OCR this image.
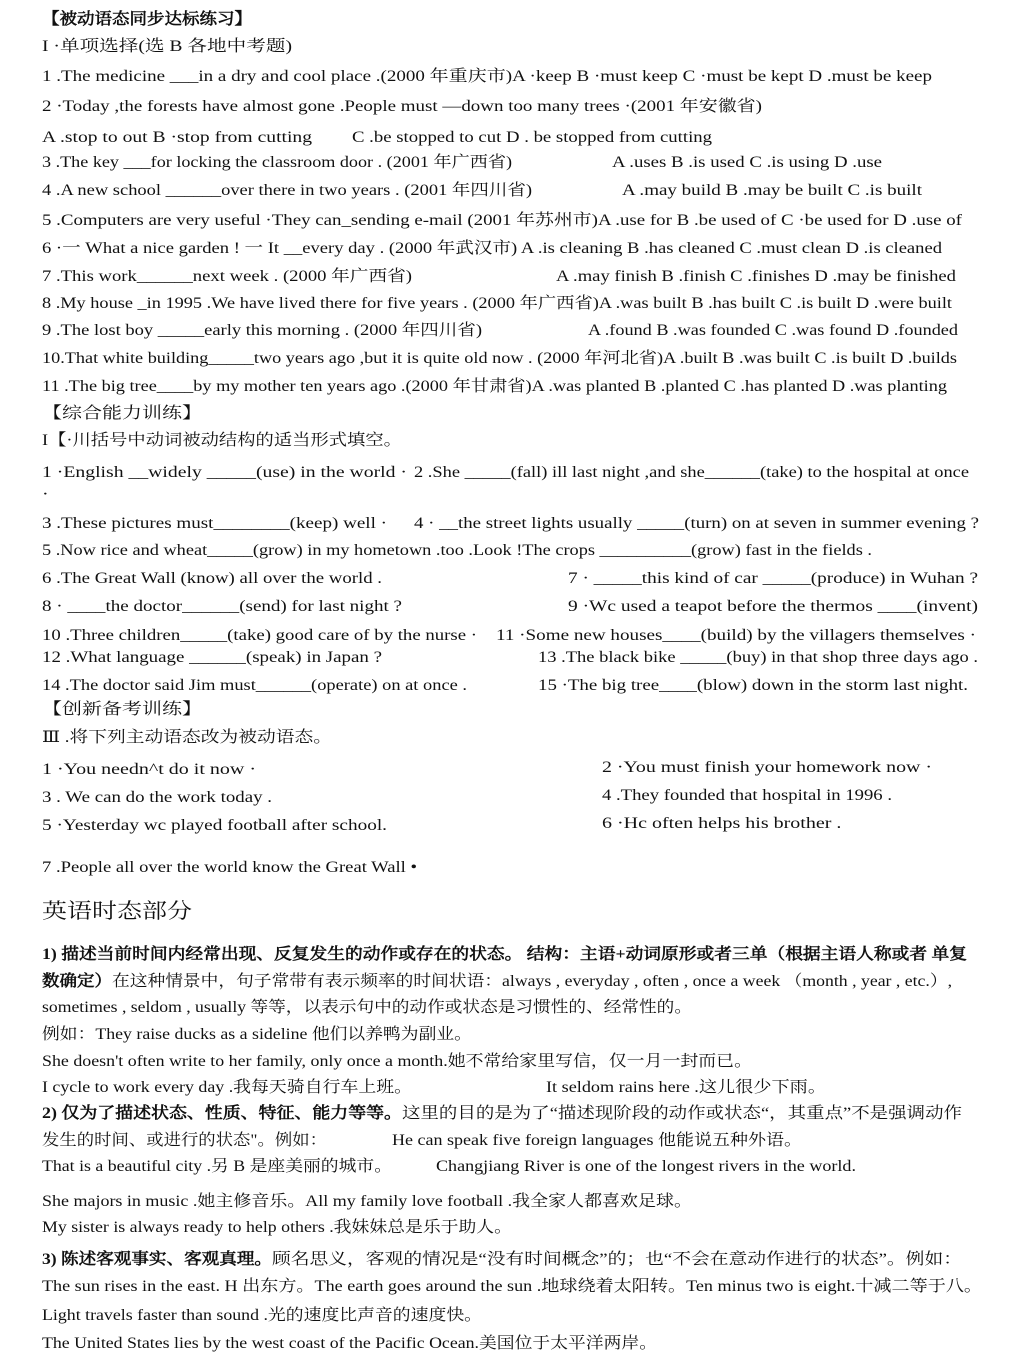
【被动语态同步达标练习】
I ·单项选择(选 B 各地中考题)
1 .The medicine ___in a dry and cool place .(2000 年重庆市)A ·keep B ·must keep C ·must be kept D .must be keep
2 ·Today ,the forests have almost gone .People must —down too many trees ·(2001 年安徽省)
A .stop to out B ·stop from cutting C .be stopped to cut D . be stopped from cutting
3 .The key ___for locking the classroom door . (2001 年广西省)	A .uses B .is used C .is using D .use
4 .A new school ______over there in two years . (2001 年四川省)	A .may build B .may be built C .is built
5 .Computers are very useful ·They can_sending e-mail (2001 年苏州市)A .use for B .be used of C ·be used for D .use of
6 ·一 What a nice garden ! 一 It __every day . (2000 年武汉市) A .is cleaning B .has cleaned C .must clean D .is cleaned
7 .This work______next week . (2000 年广西省)	A .may finish B .finish C .finishes D .may be finished
8 .My house _in 1995 .We have lived there for five years . (2000 年广西省)A .was built B .has built C .is built D .were built
9 .The lost boy _____early this morning . (2000 年四川省)	A .found B .was founded C .was found D .founded
10.That white building_____two years ago ,but it is quite old now . (2000 年河北省)A .built B .was built C .is built D .builds
11 .The big tree____by my mother ten years ago .(2000 年甘肃省)A .was planted B .planted C .has planted D .was planting
【综合能力训练】
I【·川括号中动词被动结构的适当形式填空。
1 ·English __widely _____(use) in the world · 2 .She _____(fall) ill last night ,and she______(take) to the hospital at once
·
3 .These pictures must________(keep) well · 4 · __the street lights usually _____(turn) on at seven in summer evening ?
5 .Now rice and wheat_____(grow) in my hometown .too .Look !The crops __________(grow) fast in the fields .
6 .The Great Wall (know) all over the world .	7 · _____this kind of car _____(produce) in Wuhan ?
8 · ____the doctor______(send) for last night ?	9 ·Wc used a teapot before the thermos ____(invent)
10 .Three children_____(take) good care of by the nurse · 11 ·Some new houses____(build) by the villagers themselves ·
12 .What language ______(speak) in Japan ?	13 .The black bike _____(buy) in that shop three days ago .
14 .The doctor said Jim must______(operate) on at once .	15 ·The big tree____(blow) down in the storm last night.
【创新备考训练】
Ⅲ .将下列主动语态改为被动语态。
1 ·You needn^t do it now ·	2 ·You must finish your homework now ·
3 . We can do the work today .	4 .They founded that hospital in 1996 .
5 ·Yesterday wc played football after school.	6 ·Hc often helps his brother .
7 .People all over the world know the Great Wall •
英语时态部分
1) 描述当前时间内经常出现、反复发生的动作或存在的状态。 结构：主语+动词原形或者三单（根据主语人称或者 单复
数确定） 在这种情景中，句子常带有表示频率的时间状语：always , everyday , often , once a week （month , year , etc.）,
sometimes , seldom , usually 等等，以表示句中的动作或状态是习惯性的、经常性的。
例如：They raise ducks as a sideline 他们以养鸭为副业。
She doesn't often write to her family, only once a month.她不常给家里写信，仅一月一封而已。
I cycle to work every day .我每天骑自行车上班。	It seldom rains here .这儿很少下雨。
2) 仅为了描述状态、性质、特征、能力等等。 这里的目的是为了“描述现阶段的动作或状态“，其重点”不是强调动作
发生的时间、或进行的状态"。例如：	He can speak five foreign languages 他能说五种外语。
That is a beautiful city .另 B 是座美丽的城市。	Changjiang River is one of the longest rivers in the world.
She majors in music .她主修音乐。All my family love football .我全家人都喜欢足球。
My sister is always ready to help others .我妹妹总是乐于助人。
3) 陈述客观事实、客观真理。 顾名思义，客观的情况是“没有时间概念”的；也“不会在意动作进行的状态”。例如：
The sun rises in the east. H 出东方。The earth goes around the sun .地球绕着太阳转。Ten minus two is eight.十减二等于八。
Light travels faster than sound .光的速度比声音的速度快。
The United States lies by the west coast of the Pacific Ocean.美国位于太平洋两岸。
